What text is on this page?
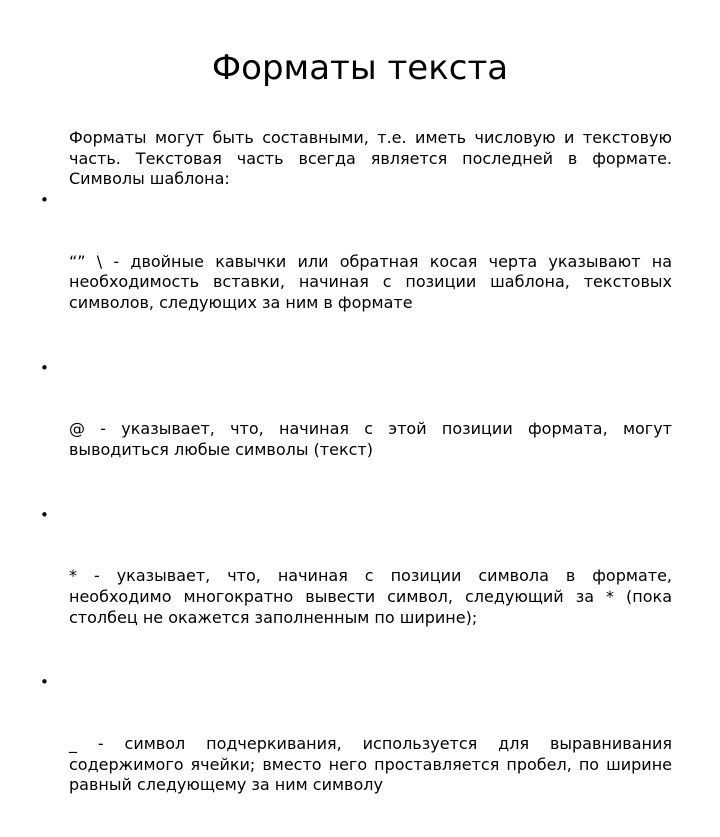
Форматы текста

Форматы могут быть составными, т.е. иметь числовую и текстовую часть. Текстовая часть всегда является последней в формате. Символы шаблона:

•

“” \ - двойные кавычки или обратная косая черта указывают на необходимость вставки, начиная с позиции шаблона, текстовых символов, следующих за ним в формате

•

@ - указывает, что, начиная с этой позиции формата, могут выводиться любые символы (текст)

•

* - указывает, что, начиная с позиции символа в формате, необходимо многократно вывести символ, следующий за * (пока столбец не окажется заполненным по ширине);

•

_ - символ подчеркивания, используется для выравнивания содержимого ячейки; вместо него проставляется пробел, по ширине равный следующему за ним символу
